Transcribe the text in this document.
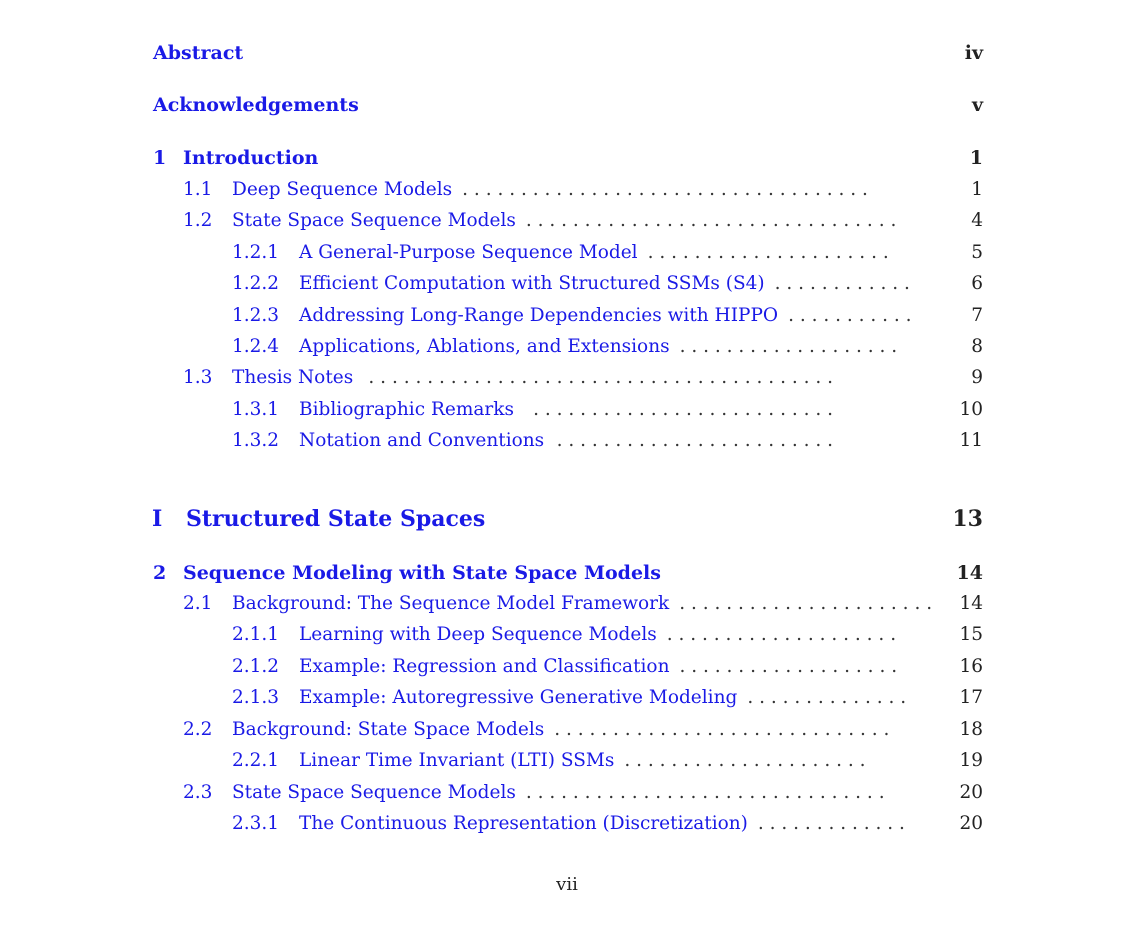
Abstract	iv
Acknowledgements	v
1 Introduction	1
1.1	Deep Sequence Models . . . . . . . . . . . . . . . . . . . . . . . . . . . . . . . . . . .	1
1.2	State Space Sequence Models . . . . . . . . . . . . . . . . . . . . . . . . . . . . . . . .	4
1.2.1	A General-Purpose Sequence Model . . . . . . . . . . . . . . . . . . . . .	5
1.2.2	Efficient Computation with Structured SSMs (S4) . . . . . . . . . . . .	6
1.2.3	Addressing Long-Range Dependencies with HIPPO . . . . . . . . . . .	7
1.2.4	Applications, Ablations, and Extensions . . . . . . . . . . . . . . . . . . .	8
1.3	Thesis Notes . . . . . . . . . . . . . . . . . . . . . . . . . . . . . . . . . . . . . . . .	9
1.3.1	Bibliographic Remarks	. . . . . . . . . . . . . . . . . . . . . . . . . .	10
1.3.2	Notation and Conventions . . . . . . . . . . . . . . . . . . . . . . . .	11
I	Structured State Spaces	13
2 Sequence Modeling with State Space Models	14
2.1	Background: The Sequence Model Framework . . . . . . . . . . . . . . . . . . . . . . 14
2.1.1	Learning with Deep Sequence Models . . . . . . . . . . . . . . . . . . . .	15
2.1.2	Example: Regression and Classification . . . . . . . . . . . . . . . . . . .	16
2.1.3	Example: Autoregressive Generative Modeling . . . . . . . . . . . . . .	17
2.2	Background: State Space Models . . . . . . . . . . . . . . . . . . . . . . . . . . . . .	18
2.2.1	Linear Time Invariant (LTI) SSMs . . . . . . . . . . . . . . . . . . . . .	19
2.3	State Space Sequence Models . . . . . . . . . . . . . . . . . . . . . . . . . . . . . . .	20
2.3.1	The Continuous Representation (Discretization) . . . . . . . . . . . . .	20
vii
